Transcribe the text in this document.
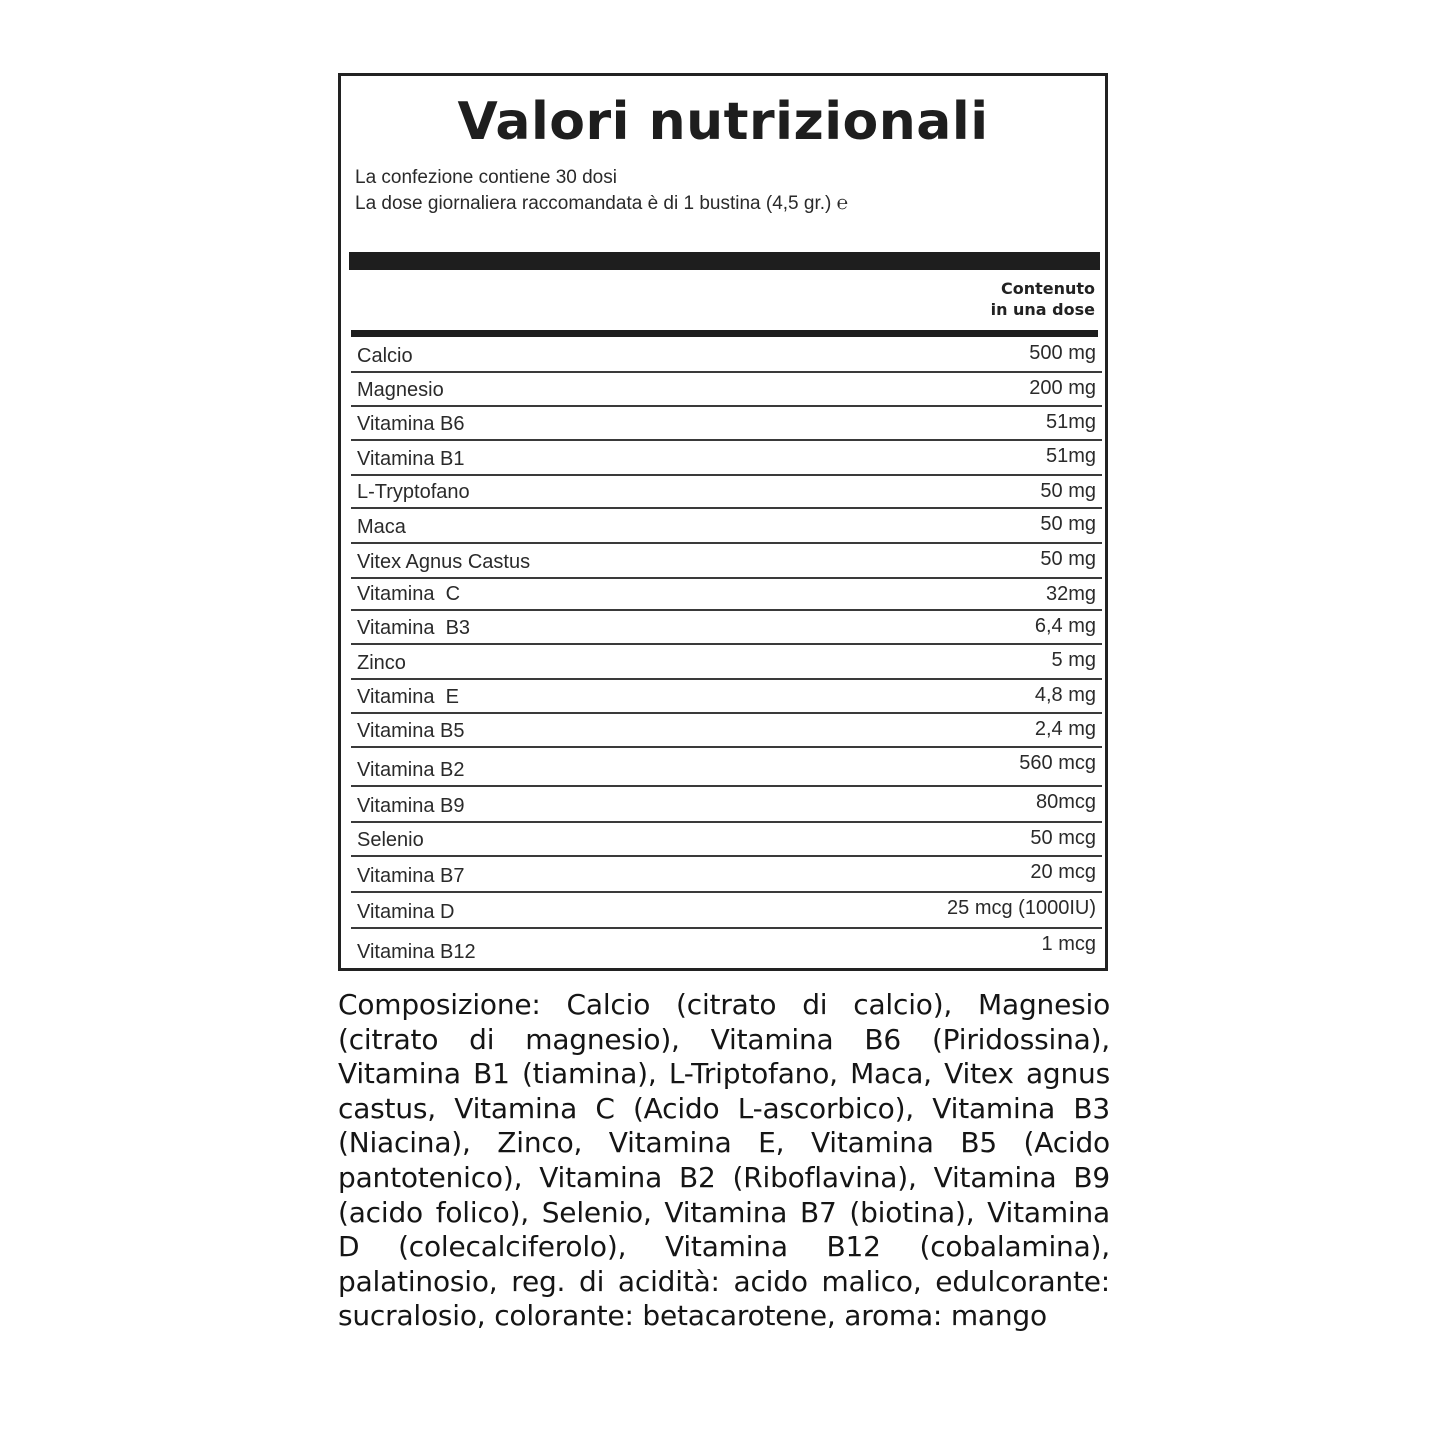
Valori nutrizionali
La confezione contiene 30 dosi
La dose giornaliera raccomandata è di 1 bustina (4,5 gr.) ℮
Contenuto
in una dose
Calcio	500 mg
Magnesio	200 mg
Vitamina B6	51mg
Vitamina B1	51mg
L-Tryptofano	50 mg
Maca	50 mg
Vitex Agnus Castus	50 mg
Vitamina  C	32mg
Vitamina  B3	6,4 mg
Zinco	5 mg
Vitamina  E	4,8 mg
Vitamina B5	2,4 mg
Vitamina B2	560 mcg
Vitamina B9	80mcg
Selenio	50 mcg
Vitamina B7	20 mcg
Vitamina D	25 mcg (1000IU)
Vitamina B12	1 mcg
Composizione: Calcio (citrato di calcio), Magnesio (citrato di magnesio), Vitamina B6 (Piridossina), Vitamina B1 (tiamina), L-Triptofano, Maca, Vitex agnus castus, Vitamina C (Acido L-ascorbico), Vitamina B3 (Niacina), Zinco, Vitamina E, Vitamina B5 (Acido pantotenico), Vitamina B2 (Riboflavina), Vitamina B9 (acido folico), Selenio, Vitamina B7 (biotina), Vitamina D (colecalciferolo), Vitamina B12 (cobalamina), palatinosio, reg. di acidità: acido malico, edulcorante: sucralosio, colorante: betacarotene, aroma: mango
